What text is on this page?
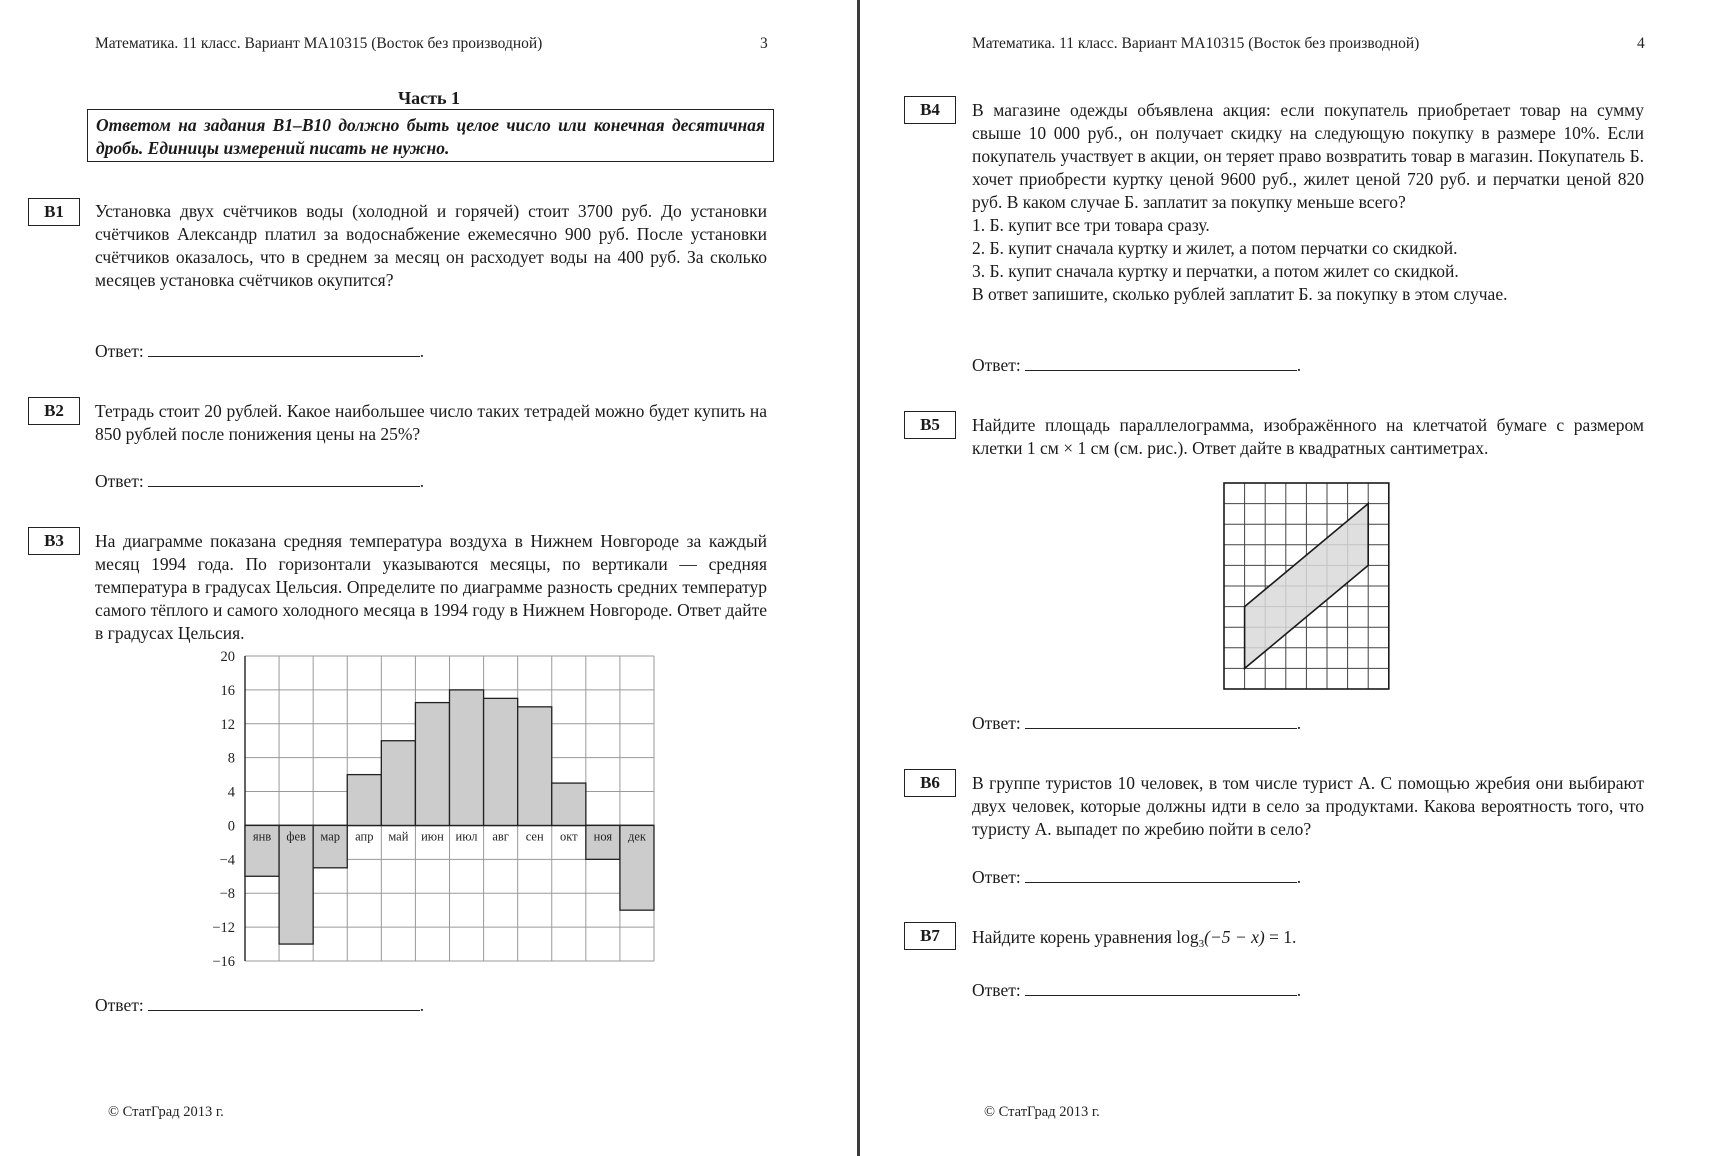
Математика. 11 класс. Вариант МА10315 (Восток без производной)	3
Часть 1
Ответом на задания В1–В10 должно быть целое число или конечная десятичная дробь. Единицы измерений писать не нужно.
B1	Установка двух счётчиков воды (холодной и горячей) стоит 3700 руб. До установки счётчиков Александр платил за водоснабжение ежемесячно 900 руб. После установки счётчиков оказалось, что в среднем за месяц он расходует воды на 400 руб. За сколько месяцев установка счётчиков окупится?
Ответ:	.
B2	Тетрадь стоит 20 рублей. Какое наибольшее число таких тетрадей можно будет купить на 850 рублей после понижения цены на 25%?
Ответ:	.
B3	На диаграмме показана средняя температура воздуха в Нижнем Новгороде за каждый месяц 1994 года. По горизонтали указываются месяцы, по вертикали — средняя температура в градусах Цельсия. Определите по диаграмме разность средних температур самого тёплого и самого холодного месяца в 1994 году в Нижнем Новгороде. Ответ дайте в градусах Цельсия.
20
16
12
8
4
0
−4
−8
−12
−16
янв фев мар апр май июн июл авг сен окт ноя дек
Ответ:	.
© СтатГрад 2013 г.
Математика. 11 класс. Вариант МА10315 (Восток без производной)	4
B4	В магазине одежды объявлена акция: если покупатель приобретает товар на сумму свыше 10 000 руб., он получает скидку на следующую покупку в размере 10%. Если покупатель участвует в акции, он теряет право возвратить товар в магазин. Покупатель Б. хочет приобрести куртку ценой 9600 руб., жилет ценой 720 руб. и перчатки ценой 820 руб. В каком случае Б. заплатит за покупку меньше всего?
1. Б. купит все три товара сразу.
2. Б. купит сначала куртку и жилет, а потом перчатки со скидкой.
3. Б. купит сначала куртку и перчатки, а потом жилет со скидкой.
В ответ запишите, сколько рублей заплатит Б. за покупку в этом случае.
Ответ:	.
B5	Найдите площадь параллелограмма, изображённого на клетчатой бумаге с размером клетки 1 см × 1 см (см. рис.). Ответ дайте в квадратных сантиметрах.
Ответ:	.
B6	В группе туристов 10 человек, в том числе турист А. С помощью жребия они выбирают двух человек, которые должны идти в село за продуктами. Какова вероятность того, что туристу А. выпадет по жребию пойти в село?
Ответ:	.
B7	Найдите корень уравнения $\log_3(-5 - x) = 1$.
Ответ:	.
© СтатГрад 2013 г.
